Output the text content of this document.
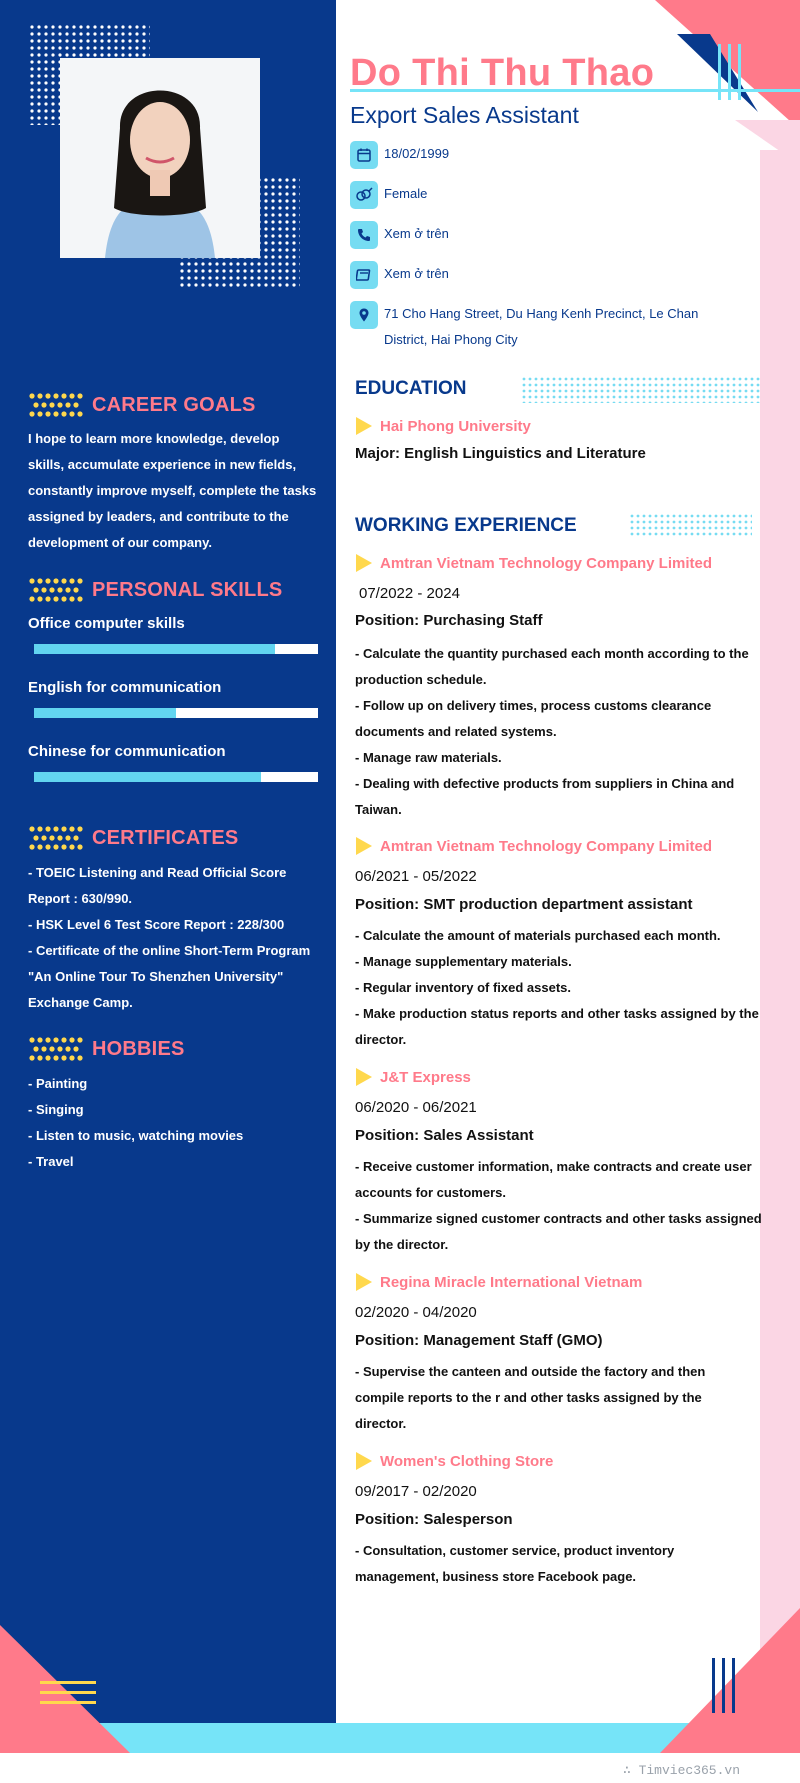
CAREER GOALS
I hope to learn more knowledge, develop skills, accumulate experience in new fields, constantly improve myself, complete the tasks assigned by leaders, and contribute to the development of our company.
PERSONAL SKILLS
Office computer skills
English for communication
Chinese for communication
CERTIFICATES
- TOEIC Listening and Read Official Score Report : 630/990.
- HSK Level 6 Test Score Report : 228/300
- Certificate of the online Short-Term Program "An Online Tour To Shenzhen University" Exchange Camp.
HOBBIES
- Painting
- Singing
- Listen to music, watching movies
- Travel
Do Thi Thu Thao
Export Sales Assistant
18/02/1999
Female
Xem ở trên
Xem ở trên
71 Cho Hang Street, Du Hang Kenh Precinct, Le Chan District, Hai Phong City
EDUCATION
Hai Phong University
Major: English Linguistics and Literature
WORKING EXPERIENCE
Amtran Vietnam Technology Company Limited
07/2022 - 2024
Position: Purchasing Staff
- Calculate the quantity purchased each month according to the production schedule.
- Follow up on delivery times, process customs clearance documents and related systems.
- Manage raw materials.
- Dealing with defective products from suppliers in China and Taiwan.
Amtran Vietnam Technology Company Limited
06/2021 - 05/2022
Position: SMT production department assistant
- Calculate the amount of materials purchased each month.
- Manage supplementary materials.
- Regular inventory of fixed assets.
- Make production status reports and other tasks assigned by the director.
J&T Express
06/2020 - 06/2021
Position: Sales Assistant
- Receive customer information, make contracts and create user accounts for customers.
- Summarize signed customer contracts and other tasks assigned by the director.
Regina Miracle International Vietnam
02/2020 - 04/2020
Position: Management Staff (GMO)
- Supervise the canteen and outside the factory and then compile reports to the r and other tasks assigned by the director.
Women's Clothing Store
09/2017 - 02/2020
Position: Salesperson
- Consultation, customer service, product inventory management, business store Facebook page.
∴ Timviec365.vn
